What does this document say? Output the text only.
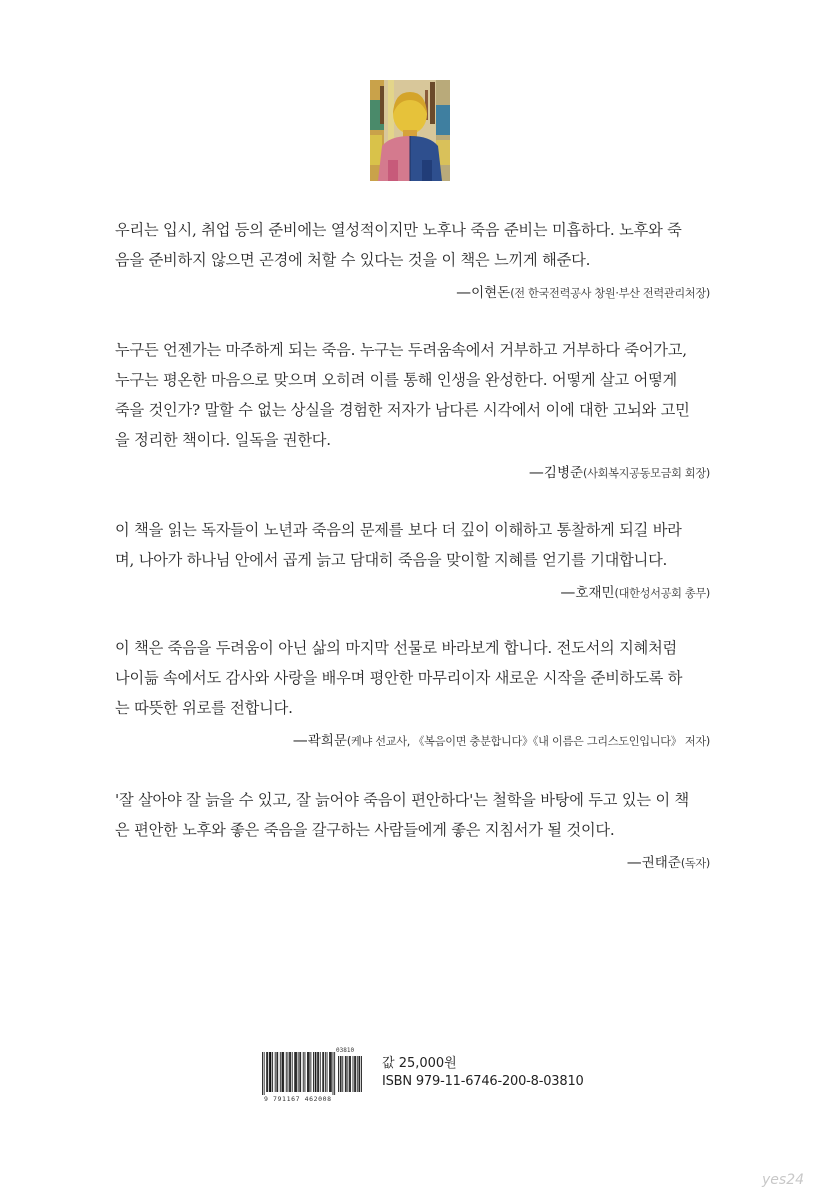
우리는 입시, 취업 등의 준비에는 열성적이지만 노후나 죽음 준비는 미흡하다. 노후와 죽
음을 준비하지 않으면 곤경에 처할 수 있다는 것을 이 책은 느끼게 해준다.

—이현돈(전 한국전력공사 창원·부산 전력관리처장)

누구든 언젠가는 마주하게 되는 죽음. 누구는 두려움속에서 거부하고 거부하다 죽어가고,
누구는 평온한 마음으로 맞으며 오히려 이를 통해 인생을 완성한다. 어떻게 살고 어떻게
죽을 것인가? 말할 수 없는 상실을 경험한 저자가 남다른 시각에서 이에 대한 고뇌와 고민
을 정리한 책이다. 일독을 권한다.

—김병준(사회복지공동모금회 회장)

이 책을 읽는 독자들이 노년과 죽음의 문제를 보다 더 깊이 이해하고 통찰하게 되길 바라
며, 나아가 하나님 안에서 곱게 늙고 담대히 죽음을 맞이할 지혜를 얻기를 기대합니다.

—호재민(대한성서공회 총무)

이 책은 죽음을 두려움이 아닌 삶의 마지막 선물로 바라보게 합니다. 전도서의 지혜처럼
나이듦 속에서도 감사와 사랑을 배우며 평안한 마무리이자 새로운 시작을 준비하도록 하
는 따뜻한 위로를 전합니다.

—곽희문(케냐 선교사, 《복음이면 충분합니다》《내 이름은 그리스도인입니다》 저자)

'잘 살아야 잘 늙을 수 있고, 잘 늙어야 죽음이 편안하다'는 철학을 바탕에 두고 있는 이 책
은 편안한 노후와 좋은 죽음을 갈구하는 사람들에게 좋은 지침서가 될 것이다.

—권태준(독자)
03810
9 791167 462008
값 25,000원
ISBN 979-11-6746-200-8-03810
yes24
